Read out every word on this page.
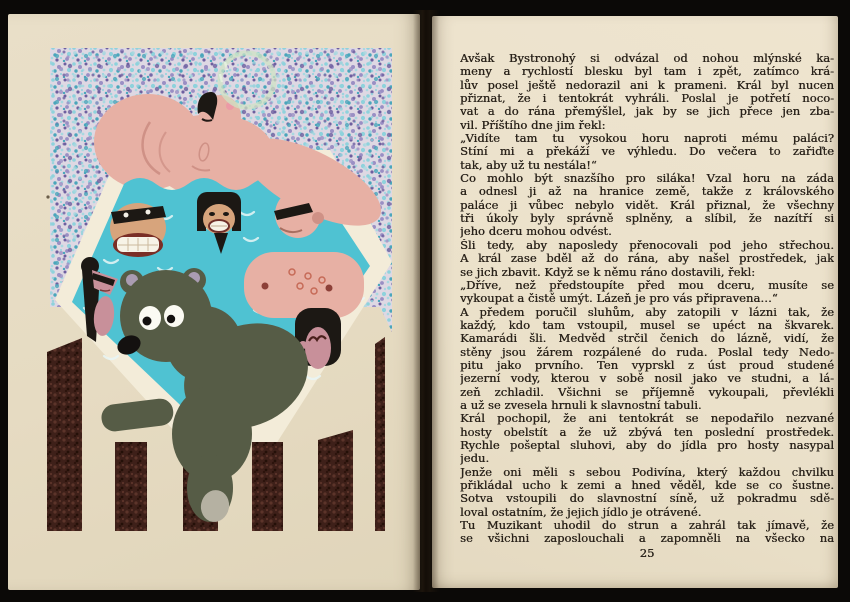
Avšak Bystronohý si odvázal od nohou mlýnské ka-
meny a rychlostí blesku byl tam i zpět, zatímco krá-
lův posel ještě nedorazil ani k prameni. Král byl nucen
přiznat, že i tentokrát vyhráli. Poslal je potřetí noco-
vat a do rána přemýšlel, jak by se jich přece jen zba-
vil. Příštího dne jim řekl:
„Vidíte tam tu vysokou horu naproti mému paláci?
Stíní mi a překáží ve výhledu. Do večera to zařiďte
tak, aby už tu nestála!“
Co mohlo být snazšího pro siláka! Vzal horu na záda
a odnesl ji až na hranice země, takže z královského
paláce ji vůbec nebylo vidět. Král přiznal, že všechny
tři úkoly byly správně splněny, a slíbil, že nazítří si
jeho dceru mohou odvést.
Šli tedy, aby naposledy přenocovali pod jeho střechou.
A král zase bděl až do rána, aby našel prostředek, jak
se jich zbavit. Když se k němu ráno dostavili, řekl:
„Dříve, než předstoupíte před mou dceru, musíte se
vykoupat a čistě umýt. Lázeň je pro vás připravena…“
A předem poručil sluhům, aby zatopili v lázni tak, že
každý, kdo tam vstoupil, musel se upéct na škvarek.
Kamarádi šli. Medvěd strčil čenich do lázně, vidí, že
stěny jsou žárem rozpálené do ruda. Poslal tedy Nedo-
pitu jako prvního. Ten vyprskl z úst proud studené
jezerní vody, kterou v sobě nosil jako ve studni, a lá-
zeň zchladil. Všichni se příjemně vykoupali, převlékli
a už se zvesela hrnuli k slavnostní tabuli.
Král pochopil, že ani tentokrát se nepodařilo nezvané
hosty obelstít a že už zbývá ten poslední prostředek.
Rychle pošeptal sluhovi, aby do jídla pro hosty nasypal
jedu.
Jenže oni měli s sebou Podivína, který každou chvilku
přikládal ucho k zemi a hned věděl, kde se co šustne.
Sotva vstoupili do slavnostní síně, už pokradmu sdě-
loval ostatním, že jejich jídlo je otrávené.
Tu Muzikant uhodil do strun a zahrál tak jímavě, že
se všichni zaposlouchali a zapomněli na všecko na
25
